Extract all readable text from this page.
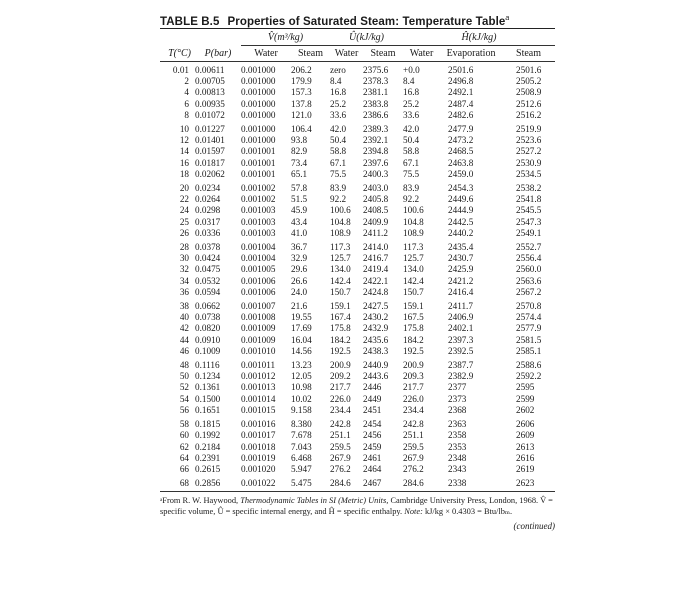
TABLE B.5 Properties of Saturated Steam: Temperature Table$^a$
		V̂(m³/kg)		Û(kJ/kg)		Ĥ(kJ/kg)		
T(°C)	P(bar)	Water	Steam	Water	Steam	Water	Evaporation	Steam

0.01	0.00611	0.001000	206.2	zero	2375.6	+0.0	2501.6	2501.6
2	0.00705	0.001000	179.9	8.4	2378.3	8.4	2496.8	2505.2
4	0.00813	0.001000	157.3	16.8	2381.1	16.8	2492.1	2508.9
6	0.00935	0.001000	137.8	25.2	2383.8	25.2	2487.4	2512.6
8	0.01072	0.001000	121.0	33.6	2386.6	33.6	2482.6	2516.2
10	0.01227	0.001000	106.4	42.0	2389.3	42.0	2477.9	2519.9
12	0.01401	0.001000	93.8	50.4	2392.1	50.4	2473.2	2523.6
14	0.01597	0.001001	82.9	58.8	2394.8	58.8	2468.5	2527.2
16	0.01817	0.001001	73.4	67.1	2397.6	67.1	2463.8	2530.9
18	0.02062	0.001001	65.1	75.5	2400.3	75.5	2459.0	2534.5
20	0.0234	0.001002	57.8	83.9	2403.0	83.9	2454.3	2538.2
22	0.0264	0.001002	51.5	92.2	2405.8	92.2	2449.6	2541.8
24	0.0298	0.001003	45.9	100.6	2408.5	100.6	2444.9	2545.5
25	0.0317	0.001003	43.4	104.8	2409.9	104.8	2442.5	2547.3
26	0.0336	0.001003	41.0	108.9	2411.2	108.9	2440.2	2549.1
28	0.0378	0.001004	36.7	117.3	2414.0	117.3	2435.4	2552.7
30	0.0424	0.001004	32.9	125.7	2416.7	125.7	2430.7	2556.4
32	0.0475	0.001005	29.6	134.0	2419.4	134.0	2425.9	2560.0
34	0.0532	0.001006	26.6	142.4	2422.1	142.4	2421.2	2563.6
36	0.0594	0.001006	24.0	150.7	2424.8	150.7	2416.4	2567.2
38	0.0662	0.001007	21.6	159.1	2427.5	159.1	2411.7	2570.8
40	0.0738	0.001008	19.55	167.4	2430.2	167.5	2406.9	2574.4
42	0.0820	0.001009	17.69	175.8	2432.9	175.8	2402.1	2577.9
44	0.0910	0.001009	16.04	184.2	2435.6	184.2	2397.3	2581.5
46	0.1009	0.001010	14.56	192.5	2438.3	192.5	2392.5	2585.1
48	0.1116	0.001011	13.23	200.9	2440.9	200.9	2387.7	2588.6
50	0.1234	0.001012	12.05	209.2	2443.6	209.3	2382.9	2592.2
52	0.1361	0.001013	10.98	217.7	2446	217.7	2377	2595
54	0.1500	0.001014	10.02	226.0	2449	226.0	2373	2599
56	0.1651	0.001015	9.158	234.4	2451	234.4	2368	2602
58	0.1815	0.001016	8.380	242.8	2454	242.8	2363	2606
60	0.1992	0.001017	7.678	251.1	2456	251.1	2358	2609
62	0.2184	0.001018	7.043	259.5	2459	259.5	2353	2613
64	0.2391	0.001019	6.468	267.9	2461	267.9	2348	2616
66	0.2615	0.001020	5.947	276.2	2464	276.2	2343	2619
68	0.2856	0.001022	5.475	284.6	2467	284.6	2338	2623
ᵃFrom R. W. Haywood, Thermodynamic Tables in SI (Metric) Units, Cambridge University Press, London, 1968. V̂ = specific volume, Û = specific internal energy, and Ĥ = specific enthalpy. Note: kJ/kg × 0.4303 = Btu/lbₘ.
(continued)
